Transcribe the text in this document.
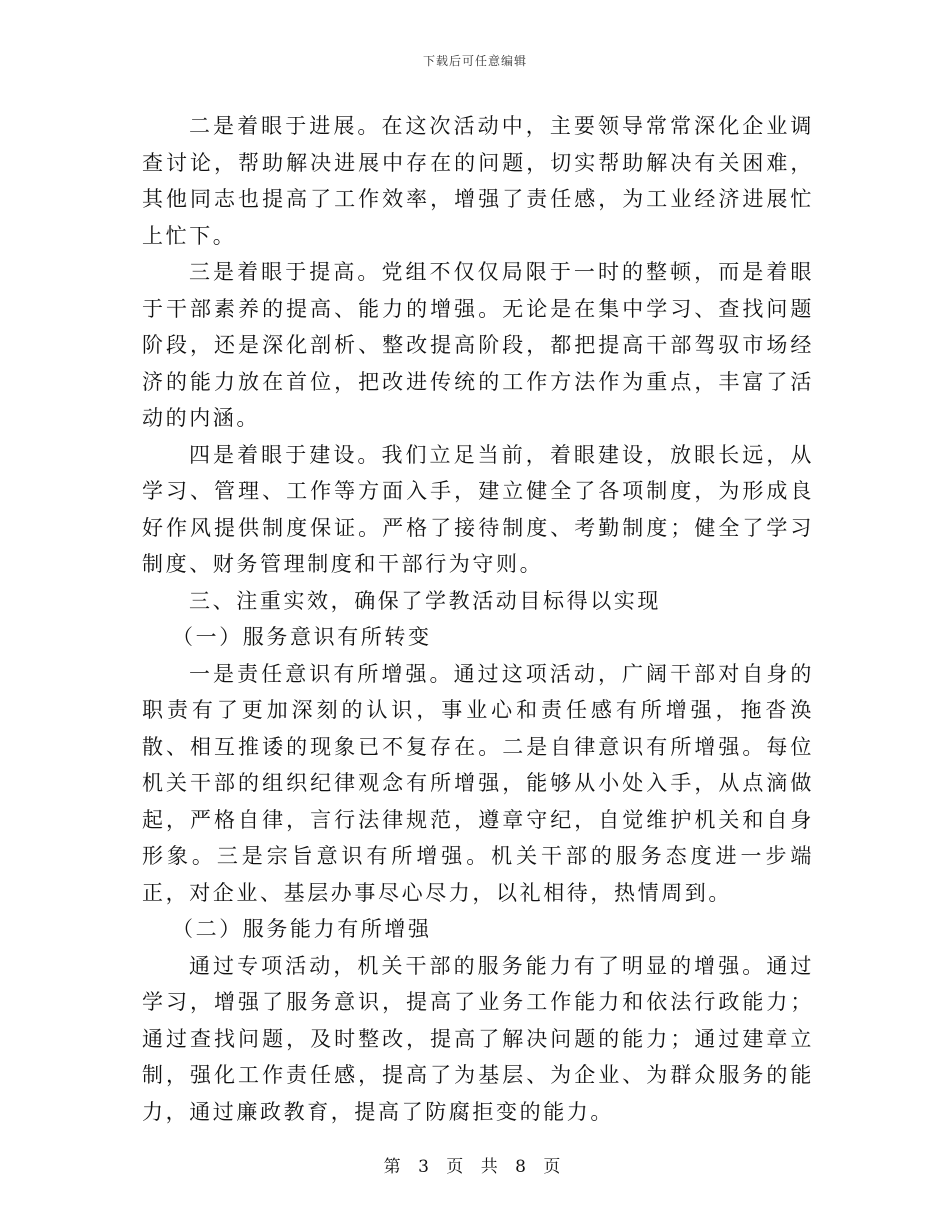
下载后可任意编辑

二是着眼于进展。在这次活动中，主要领导常常深化企业调查讨论，帮助解决进展中存在的问题，切实帮助解决有关困难，其他同志也提高了工作效率，增强了责任感，为工业经济进展忙上忙下。

三是着眼于提高。党组不仅仅局限于一时的整顿，而是着眼于干部素养的提高、能力的增强。无论是在集中学习、查找问题阶段，还是深化剖析、整改提高阶段，都把提高干部驾驭市场经济的能力放在首位，把改进传统的工作方法作为重点，丰富了活动的内涵。

四是着眼于建设。我们立足当前，着眼建设，放眼长远，从学习、管理、工作等方面入手，建立健全了各项制度，为形成良好作风提供制度保证。严格了接待制度、考勤制度；健全了学习制度、财务管理制度和干部行为守则。

三、注重实效，确保了学教活动目标得以实现

（一）服务意识有所转变

一是责任意识有所增强。通过这项活动，广阔干部对自身的职责有了更加深刻的认识，事业心和责任感有所增强，拖沓涣散、相互推诿的现象已不复存在。二是自律意识有所增强。每位机关干部的组织纪律观念有所增强，能够从小处入手，从点滴做起，严格自律，言行法律规范，遵章守纪，自觉维护机关和自身形象。三是宗旨意识有所增强。机关干部的服务态度进一步端正，对企业、基层办事尽心尽力，以礼相待，热情周到。

（二）服务能力有所增强

通过专项活动，机关干部的服务能力有了明显的增强。通过学习，增强了服务意识，提高了业务工作能力和依法行政能力；通过查找问题，及时整改，提高了解决问题的能力；通过建章立制，强化工作责任感，提高了为基层、为企业、为群众服务的能力，通过廉政教育，提高了防腐拒变的能力。

第 3 页 共 8 页
